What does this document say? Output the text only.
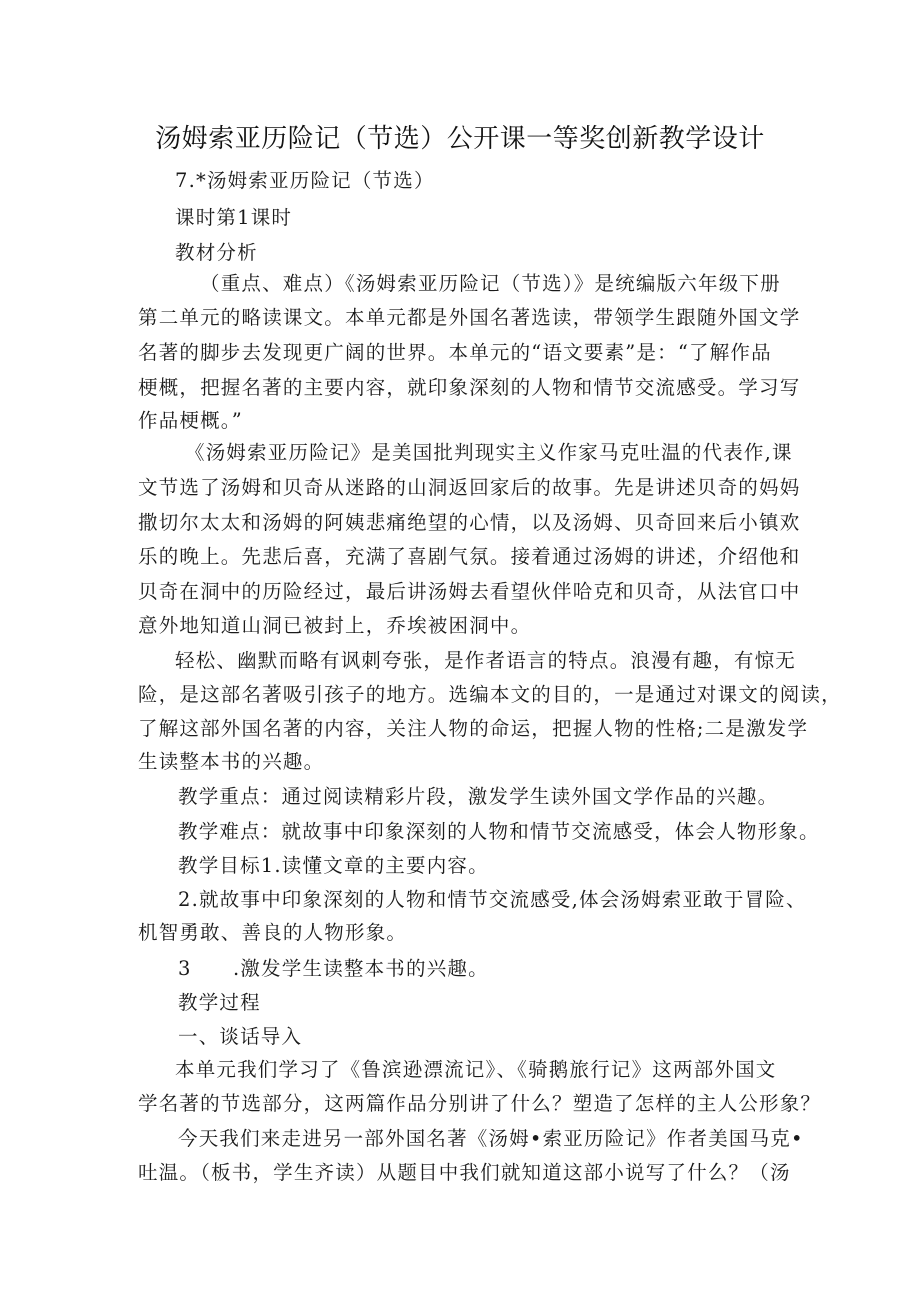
汤姆索亚历险记（节选）公开课一等奖创新教学设计
7.*汤姆索亚历险记（节选）
课时第1课时
教材分析
（重点、难点）《汤姆索亚历险记（节选）》是统编版六年级下册
第二单元的略读课文。本单元都是外国名著选读，带领学生跟随外国文学
名著的脚步去发现更广阔的世界。本单元的“语文要素”是：“了解作品
梗概，把握名著的主要内容，就印象深刻的人物和情节交流感受。学习写
作品梗概。”
《汤姆索亚历险记》是美国批判现实主义作家马克吐温的代表作,课
文节选了汤姆和贝奇从迷路的山洞返回家后的故事。先是讲述贝奇的妈妈
撒切尔太太和汤姆的阿姨悲痛绝望的心情，以及汤姆、贝奇回来后小镇欢
乐的晚上。先悲后喜，充满了喜剧气氛。接着通过汤姆的讲述，介绍他和
贝奇在洞中的历险经过，最后讲汤姆去看望伙伴哈克和贝奇，从法官口中
意外地知道山洞已被封上，乔埃被困洞中。
轻松、幽默而略有讽刺夸张，是作者语言的特点。浪漫有趣，有惊无
险，是这部名著吸引孩子的地方。选编本文的目的，一是通过对课文的阅读，
了解这部外国名著的内容，关注人物的命运，把握人物的性格;二是激发学
生读整本书的兴趣。
教学重点：通过阅读精彩片段，激发学生读外国文学作品的兴趣。
教学难点：就故事中印象深刻的人物和情节交流感受，体会人物形象。
教学目标1.读懂文章的主要内容。
2.就故事中印象深刻的人物和情节交流感受,体会汤姆索亚敢于冒险、
机智勇敢、善良的人物形象。
3　　.激发学生读整本书的兴趣。
教学过程
一、谈话导入
本单元我们学习了《鲁滨逊漂流记》、《骑鹅旅行记》这两部外国文
学名著的节选部分，这两篇作品分别讲了什么？塑造了怎样的主人公形象？
今天我们来走进另一部外国名著《汤姆•索亚历险记》作者美国马克•
吐温。（板书，学生齐读）从题目中我们就知道这部小说写了什么？（汤
